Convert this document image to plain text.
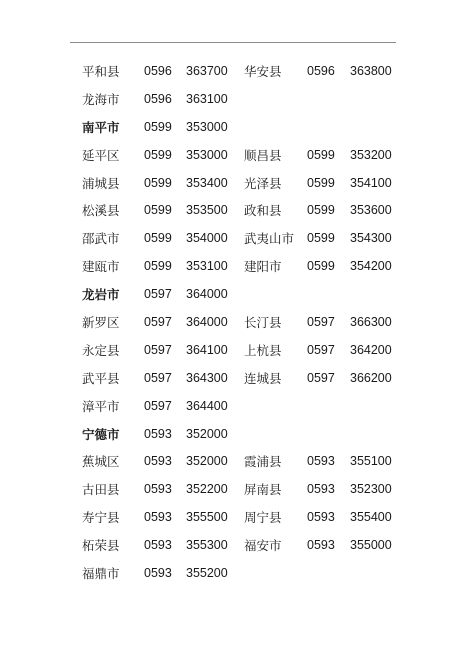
平和县 0596 363700 华安县 0596 363800
龙海市 0596 363100
南平市 0599 353000
延平区 0599 353000 顺昌县 0599 353200
浦城县 0599 353400 光泽县 0599 354100
松溪县 0599 353500 政和县 0599 353600
邵武市 0599 354000 武夷山市 0599 354300
建瓯市 0599 353100 建阳市 0599 354200
龙岩市 0597 364000
新罗区 0597 364000 长汀县 0597 366300
永定县 0597 364100 上杭县 0597 364200
武平县 0597 364300 连城县 0597 366200
漳平市 0597 364400
宁德市 0593 352000
蕉城区 0593 352000 霞浦县 0593 355100
古田县 0593 352200 屏南县 0593 352300
寿宁县 0593 355500 周宁县 0593 355400
柘荣县 0593 355300 福安市 0593 355000
福鼎市 0593 355200
